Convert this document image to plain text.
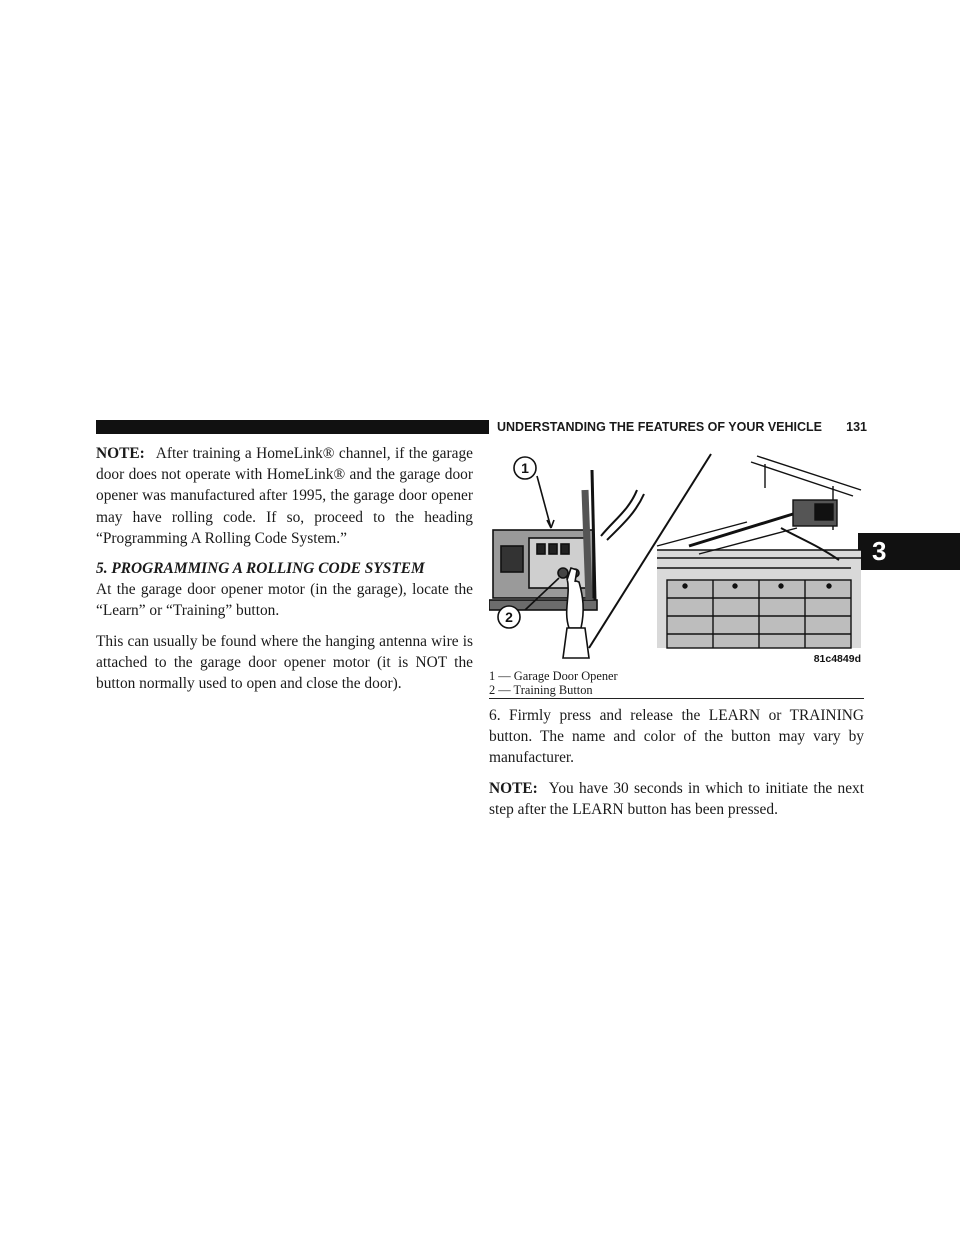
UNDERSTANDING THE FEATURES OF YOUR VEHICLE 131
3

NOTE: After training a HomeLink® channel, if the garage door does not operate with HomeLink® and the garage door opener was manufactured after 1995, the garage door opener may have rolling code. If so, proceed to the heading “Programming A Rolling Code System.”

5. PROGRAMMING A ROLLING CODE SYSTEM

At the garage door opener motor (in the garage), locate the “Learn” or “Training” button.

This can usually be found where the hanging antenna wire is attached to the garage door opener motor (it is NOT the button normally used to open and close the door).

1
2
81c4849d
1 — Garage Door Opener
2 — Training Button

6. Firmly press and release the LEARN or TRAINING button. The name and color of the button may vary by manufacturer.

NOTE: You have 30 seconds in which to initiate the next step after the LEARN button has been pressed.
